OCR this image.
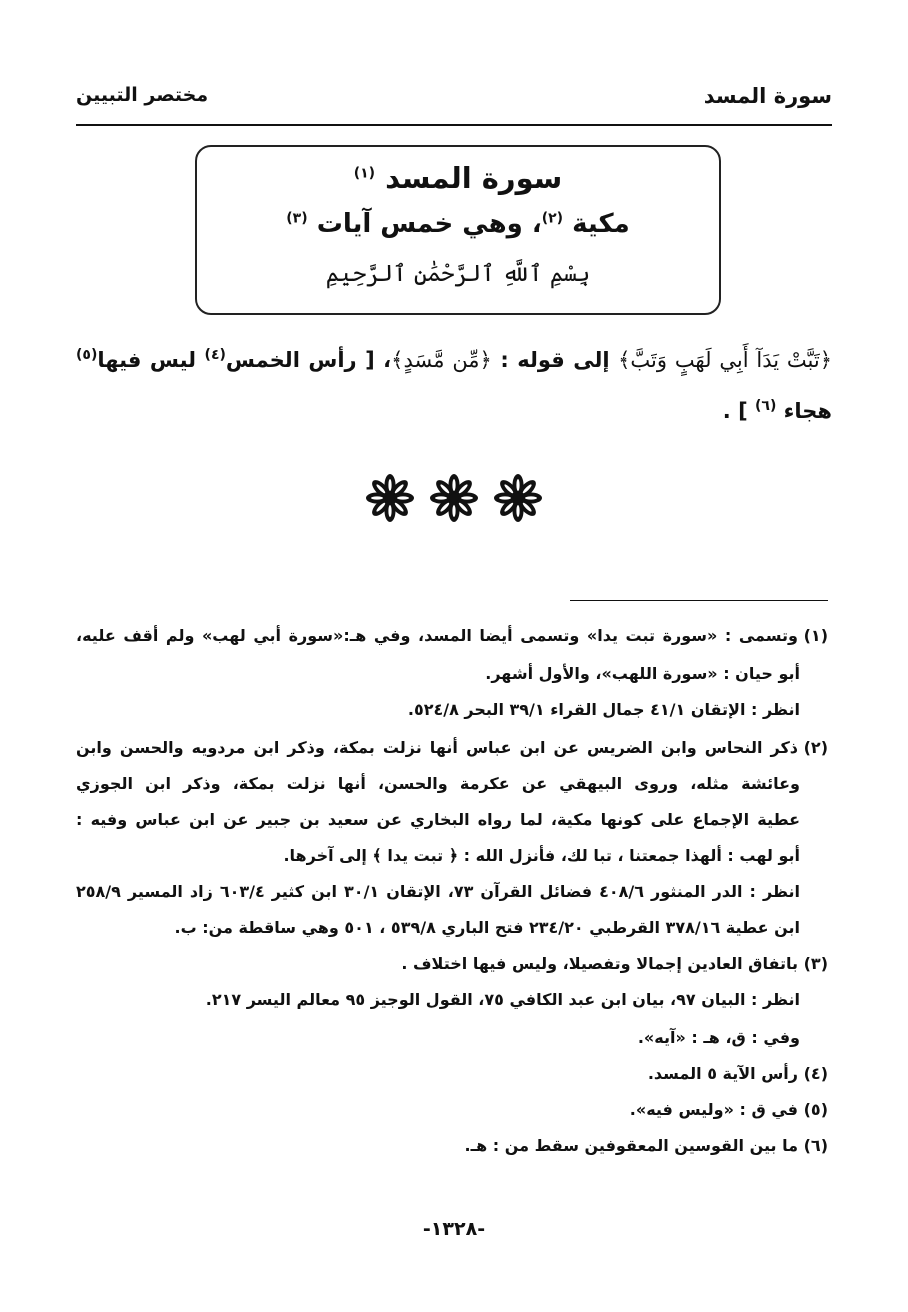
سورة المسد
مختصر التبيين
سورة المسد $^{(١)}$
مكية $^{(٢)}$، وهي خمس آيات $^{(٣)}$
بِسْمِ ٱللَّهِ ٱلرَّحْمَٰنِ ٱلرَّحِيمِ
﴿تَبَّتْ يَدَآ أَبِي لَهَبٍ وَتَبَّ﴾ إلى قوله : ﴿مِّن مَّسَدٍ﴾، [ رأس الخمس$^{(٤)}$ ليس فيها$^{(٥)}$ هجاء $^{(٦)}$ ] .
(١)وتسمى : «سورة تبت يدا» وتسمى أيضا المسد، وفي هـ:«سورة أبي لهب» ولم أقف عليه،
أبو حيان : «سورة اللهب»، والأول أشهر.
انظر : الإتقان ٤١/١ جمال القراء ٣٩/١ البحر ٥٢٤/٨.
(٢)ذكر النحاس وابن الضريس عن ابن عباس أنها نزلت بمكة، وذكر ابن مردويه والحسن وابن
وعائشة مثله، وروى البيهقي عن عكرمة والحسن، أنها نزلت بمكة، وذكر ابن الجوزي
عطية الإجماع على كونها مكية، لما رواه البخاري عن سعيد بن جبير عن ابن عباس وفيه :
أبو لهب : ألهذا جمعتنا ، تبا لك، فأنزل الله : ﴿ تبت يدا ﴾ إلى آخرها.
انظر : الدر المنثور ٤٠٨/٦ فضائل القرآن ٧٣، الإتقان ٣٠/١ ابن كثير ٦٠٣/٤ زاد المسير ٢٥٨/٩
ابن عطية ٣٧٨/١٦ القرطبي ٢٣٤/٢٠ فتح الباري ٥٣٩/٨ ، ٥٠١ وهي ساقطة من: ب.
(٣)باتفاق العادين إجمالا وتفصيلا، وليس فيها اختلاف .
انظر : البيان ٩٧، بيان ابن عبد الكافي ٧٥، القول الوجيز ٩٥ معالم اليسر ٢١٧.
وفي : ق، هـ : «آيه».
(٤)رأس الآية ٥ المسد.
(٥)في ق : «وليس فيه».
(٦)ما بين القوسين المعقوفين سقط من : هـ.
-١٣٢٨-
